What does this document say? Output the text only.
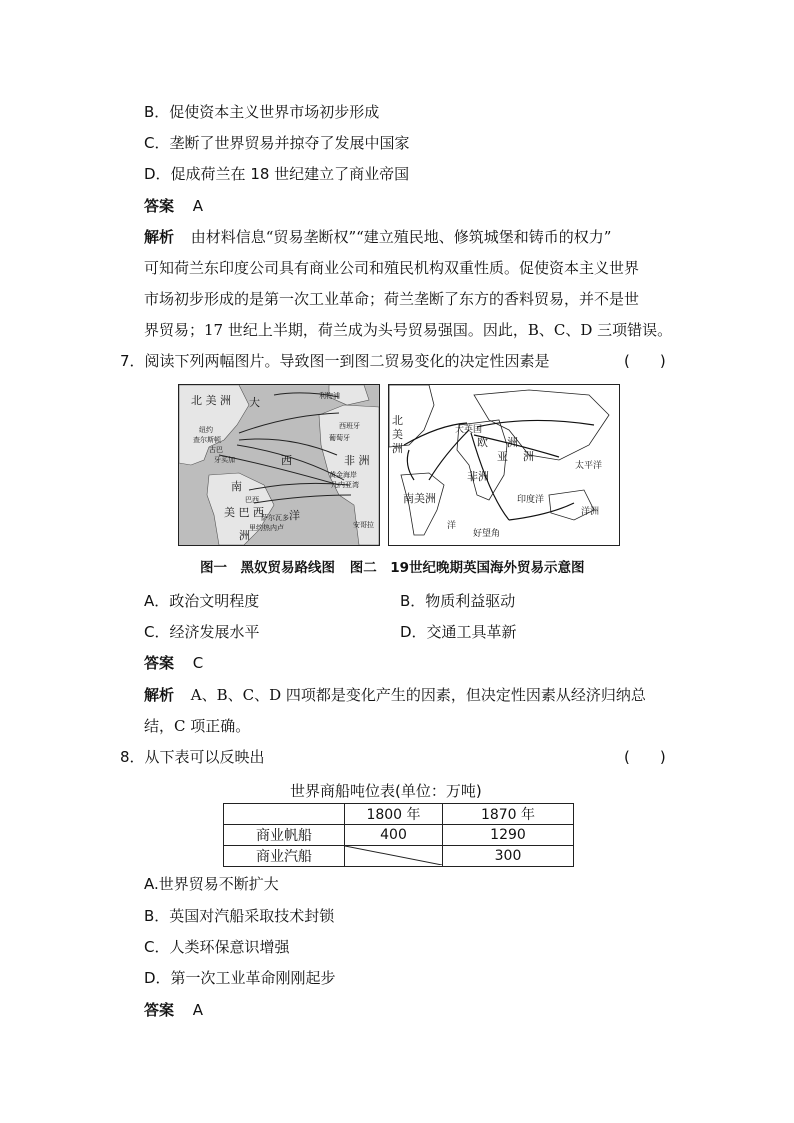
B．促使资本主义世界市场初步形成
C．垄断了世界贸易并掠夺了发展中国家
D．促成荷兰在 18 世纪建立了商业帝国
答案 A
解析 由材料信息“贸易垄断权”“建立殖民地、修筑城堡和铸币的权力”
可知荷兰东印度公司具有商业公司和殖民机构双重性质。促使资本主义世界
市场初步形成的是第一次工业革命；荷兰垄断了东方的香料贸易，并不是世
界贸易；17 世纪上半期，荷兰成为头号贸易强国。因此，B、C、D 三项错误。
7．阅读下列两幅图片。导致图一到图二贸易变化的决定性因素是	(　　)
北 美 洲 大
西
洋
非 洲
南
美 巴 西
洲
纽约
查尔斯顿
古巴
牙买加
巴西
葡萄牙
西班牙
利物浦
几内亚湾
黄金海岸
安哥拉
里约热内卢
萨尔瓦多
北
美
洲
大英国
欧 洲
亚 洲
非洲
南美洲
太平洋
印度洋
洋
好望角
洋洲
图一　黑奴贸易路线图 图二　19世纪晚期英国海外贸易示意图
A．政治文明程度	B．物质利益驱动
C．经济发展水平	D．交通工具革新
答案 C
解析 A、B、C、D 四项都是变化产生的因素，但决定性因素从经济归纳总
结，C 项正确。
8．从下表可以反映出	(　　)
世界商船吨位表(单位：万吨)
	1800 年	1870 年
商业帆船	400	1290
商业汽船		300
A.世界贸易不断扩大
B．英国对汽船采取技术封锁
C．人类环保意识增强
D．第一次工业革命刚刚起步
答案 A
